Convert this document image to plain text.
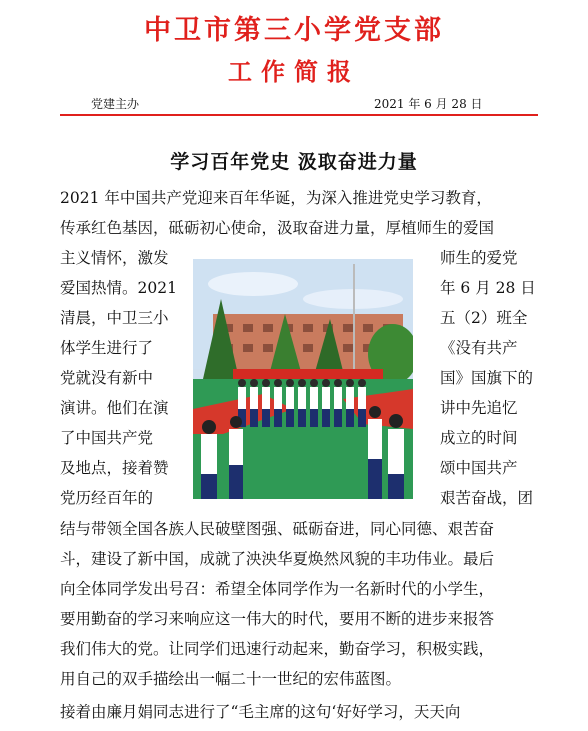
中卫市第三小学党支部
工作简报
党建主办	2021 年 6 月 28 日
学习百年党史 汲取奋进力量
2021 年中国共产党迎来百年华诞，为深入推进党史学习教育，
传承红色基因，砥砺初心使命，汲取奋进力量，厚植师生的爱国
主义情怀，激发	师生的爱党
爱国热情。2021	年 6 月 28 日
清晨，中卫三小	五（2）班全
体学生进行了	《没有共产
党就没有新中	国》国旗下的
演讲。他们在演	讲中先追忆
了中国共产党	成立的时间
及地点，接着赞	颂中国共产
党历经百年的	艰苦奋战，团
结与带领全国各族人民破壁图强、砥砺奋进，同心同德、艰苦奋
斗，建设了新中国，成就了泱泱华夏焕然风貌的丰功伟业。最后
向全体同学发出号召：希望全体同学作为一名新时代的小学生，
要用勤奋的学习来响应这一伟大的时代，要用不断的进步来报答
我们伟大的党。让同学们迅速行动起来，勤奋学习，积极实践，
用自己的双手描绘出一幅二十一世纪的宏伟蓝图。
接着由廉月娟同志进行了“毛主席的这句‘好好学习，天天向
